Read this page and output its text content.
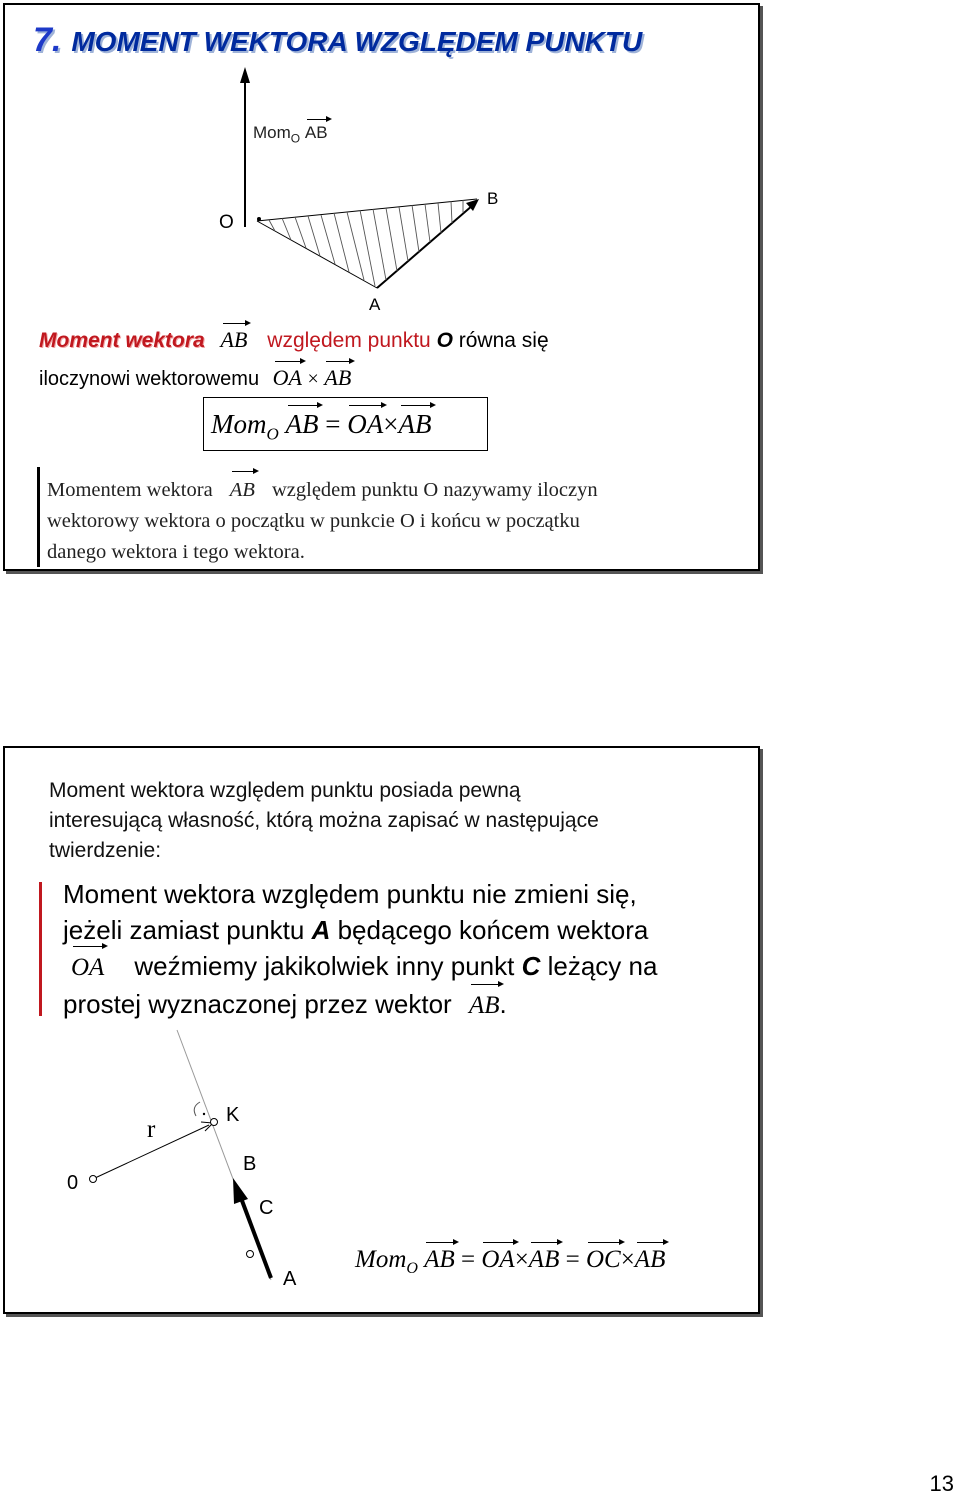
7. MOMENT WEKTORA WZGLĘDEM PUNKTU
Mom$_O$ AB
O
B
A
Moment wektora AB względem punktu O równa się
iloczynowi wektorowemu OA × AB
Mom$_O$ AB = OA×AB
Momentem wektora AB względem punktu O nazywamy iloczyn
wektorowy wektora o początku w punkcie O i końcu w początku
danego wektora i tego wektora.
Moment wektora względem punktu posiada pewną
interesującą własność, którą można zapisać w następujące
twierdzenie:
Moment wektora względem punktu nie zmieni się,
jeżeli zamiast punktu A będącego końcem wektora
OA weźmiemy jakikolwiek inny punkt C leżący na
prostej wyznaczonej przez wektor AB.
0
r
K
B
C
A
Mom$_O$ AB = OA×AB = OC×AB
13
